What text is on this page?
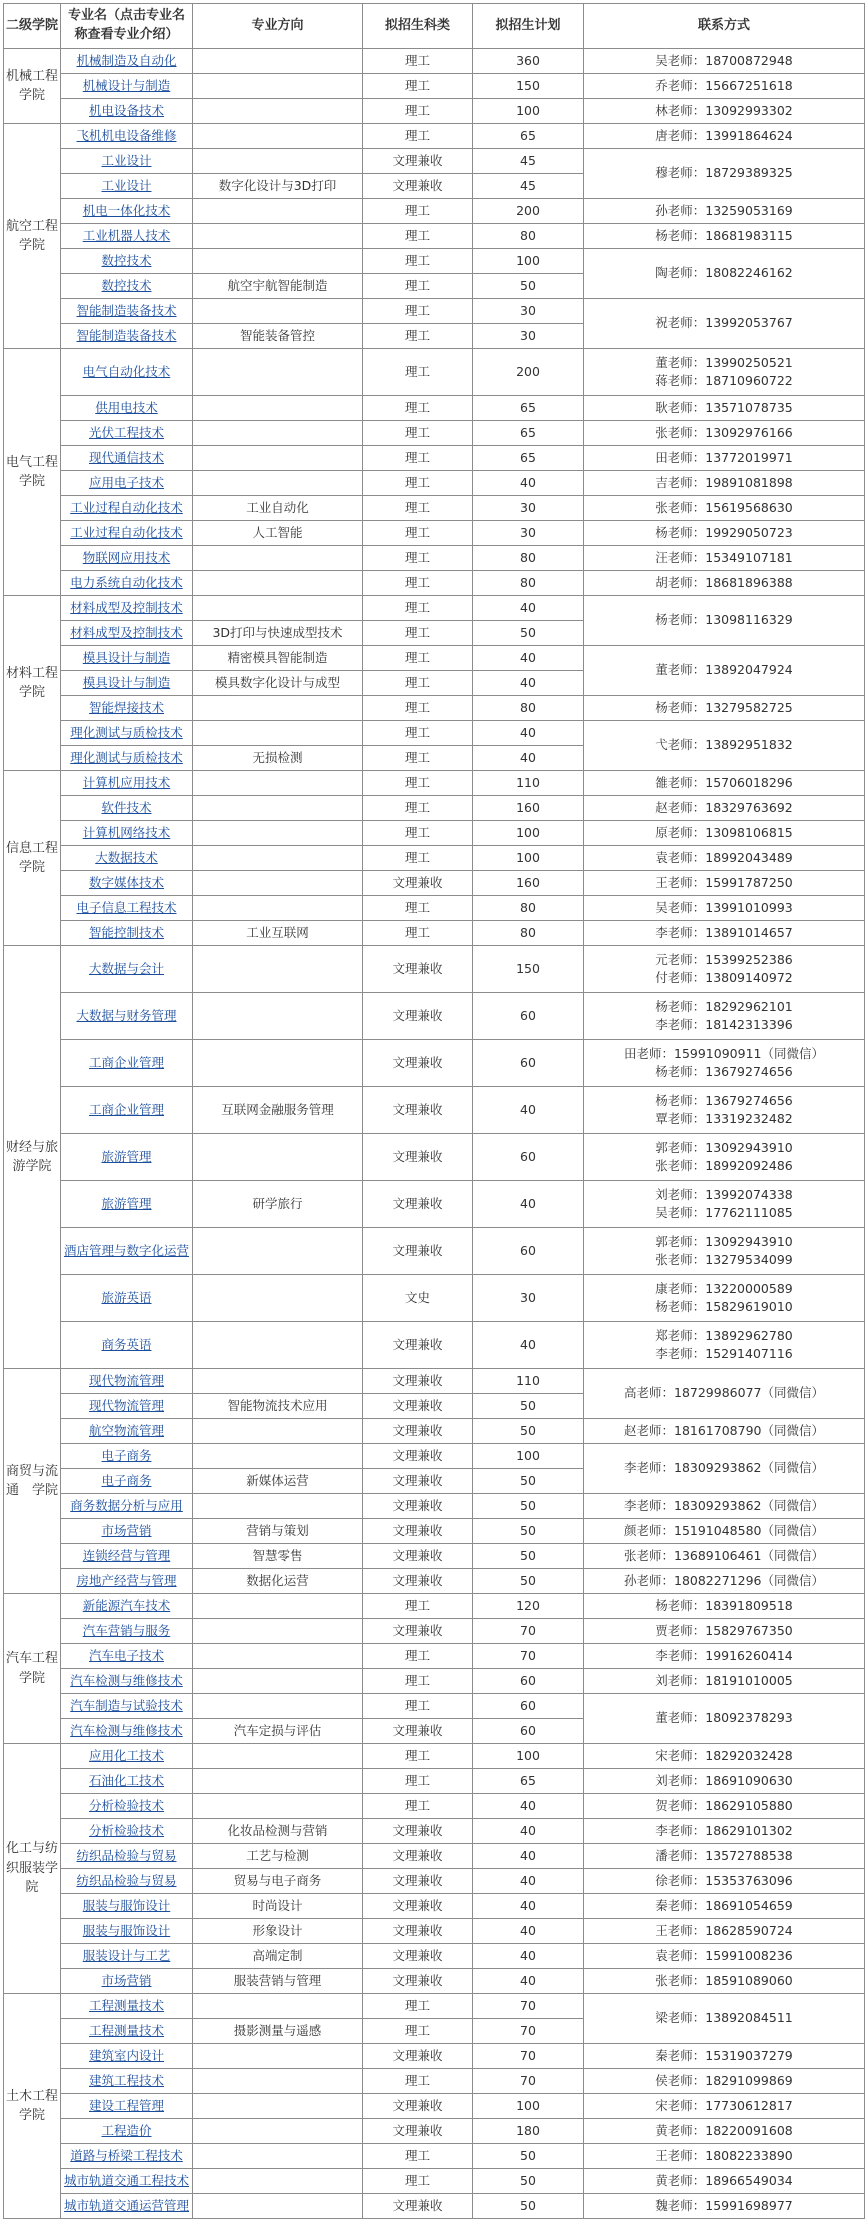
二级学院	专业名（点击专业名称查看专业介绍）	专业方向	拟招生科类	拟招生计划	联系方式
机械工程学院	机械制造及自动化		理工	360	吴老师：18700872948

	机械设计与制造		理工	150	乔老师：15667251618

	机电设备技术		理工	100	林老师：13092993302

航空工程学院	飞机机电设备维修		理工	65	唐老师：13991864624

	工业设计		文理兼收	45	穆老师：18729389325

	工业设计	数字化设计与3D打印	文理兼收	45	
	机电一体化技术		理工	200	孙老师：13259053169

	工业机器人技术		理工	80	杨老师：18681983115

	数控技术		理工	100	陶老师：18082246162

	数控技术	航空宇航智能制造	理工	50	
	智能制造装备技术		理工	30	祝老师：13992053767

	智能制造装备技术	智能装备管控	理工	30	
电气工程学院	电气自动化技术		理工	200	董老师：13990250521
蒋老师：18710960722

	供用电技术		理工	65	耿老师：13571078735

	光伏工程技术		理工	65	张老师：13092976166

	现代通信技术		理工	65	田老师：13772019971

	应用电子技术		理工	40	吉老师：19891081898

	工业过程自动化技术	工业自动化	理工	30	张老师：15619568630

	工业过程自动化技术	人工智能	理工	30	杨老师：19929050723

	物联网应用技术		理工	80	汪老师：15349107181

	电力系统自动化技术		理工	80	胡老师：18681896388

材料工程学院	材料成型及控制技术		理工	40	杨老师：13098116329

	材料成型及控制技术	3D打印与快速成型技术	理工	50	
	模具设计与制造	精密模具智能制造	理工	40	董老师：13892047924

	模具设计与制造	模具数字化设计与成型	理工	40	
	智能焊接技术		理工	80	杨老师：13279582725

	理化测试与质检技术		理工	40	弋老师：13892951832

	理化测试与质检技术	无损检测	理工	40	
信息工程学院	计算机应用技术		理工	110	雒老师：15706018296

	软件技术		理工	160	赵老师：18329763692

	计算机网络技术		理工	100	原老师：13098106815

	大数据技术		理工	100	袁老师：18992043489

	数字媒体技术		文理兼收	160	王老师：15991787250

	电子信息工程技术		理工	80	吴老师：13991010993

	智能控制技术	工业互联网	理工	80	李老师：13891014657

财经与旅游学院	大数据与会计		文理兼收	150	元老师：15399252386
付老师：13809140972

	大数据与财务管理		文理兼收	60	杨老师：18292962101
李老师：18142313396

	工商企业管理		文理兼收	60	田老师：15991090911（同微信）
杨老师：13679274656

	工商企业管理	互联网金融服务管理	文理兼收	40	杨老师：13679274656
覃老师：13319232482

	旅游管理		文理兼收	60	郭老师：13092943910
张老师：18992092486

	旅游管理	研学旅行	文理兼收	40	刘老师：13992074338
吴老师：17762111085

	酒店管理与数字化运营		文理兼收	60	郭老师：13092943910
张老师：13279534099

	旅游英语		文史	30	康老师：13220000589
杨老师：15829619010

	商务英语		文理兼收	40	郑老师：13892962780
李老师：15291407116

商贸与流通　学院	现代物流管理		文理兼收	110	高老师：18729986077（同微信）

	现代物流管理	智能物流技术应用	文理兼收	50	
	航空物流管理		文理兼收	50	赵老师：18161708790（同微信）

	电子商务		文理兼收	100	李老师：18309293862（同微信）

	电子商务	新媒体运营	文理兼收	50	
	商务数据分析与应用		文理兼收	50	李老师：18309293862（同微信）

	市场营销	营销与策划	文理兼收	50	颜老师：15191048580（同微信）

	连锁经营与管理	智慧零售	文理兼收	50	张老师：13689106461（同微信）

	房地产经营与管理	数据化运营	文理兼收	50	孙老师：18082271296（同微信）

汽车工程学院	新能源汽车技术		理工	120	杨老师：18391809518

	汽车营销与服务		文理兼收	70	贾老师：15829767350

	汽车电子技术		理工	70	李老师：19916260414

	汽车检测与维修技术		理工	60	刘老师：18191010005

	汽车制造与试验技术		理工	60	董老师：18092378293

	汽车检测与维修技术	汽车定损与评估	文理兼收	60	
化工与纺织服装学院	应用化工技术		理工	100	宋老师：18292032428

	石油化工技术		理工	65	刘老师：18691090630

	分析检验技术		理工	40	贺老师：18629105880

	分析检验技术	化妆品检测与营销	文理兼收	40	李老师：18629101302

	纺织品检验与贸易	工艺与检测	文理兼收	40	潘老师：13572788538

	纺织品检验与贸易	贸易与电子商务	文理兼收	40	徐老师：15353763096

	服装与服饰设计	时尚设计	文理兼收	40	秦老师：18691054659

	服装与服饰设计	形象设计	文理兼收	40	王老师：18628590724

	服装设计与工艺	高端定制	文理兼收	40	袁老师：15991008236

	市场营销	服装营销与管理	文理兼收	40	张老师：18591089060

土木工程学院	工程测量技术		理工	70	梁老师：13892084511

	工程测量技术	摄影测量与遥感	理工	70	
	建筑室内设计		文理兼收	70	秦老师：15319037279

	建筑工程技术		理工	70	侯老师：18291099869

	建设工程管理		文理兼收	100	宋老师：17730612817

	工程造价		文理兼收	180	黄老师：18220091608

	道路与桥梁工程技术		理工	50	王老师：18082233890

	城市轨道交通工程技术		理工	50	黄老师：18966549034

	城市轨道交通运营管理		文理兼收	50	魏老师：15991698977
